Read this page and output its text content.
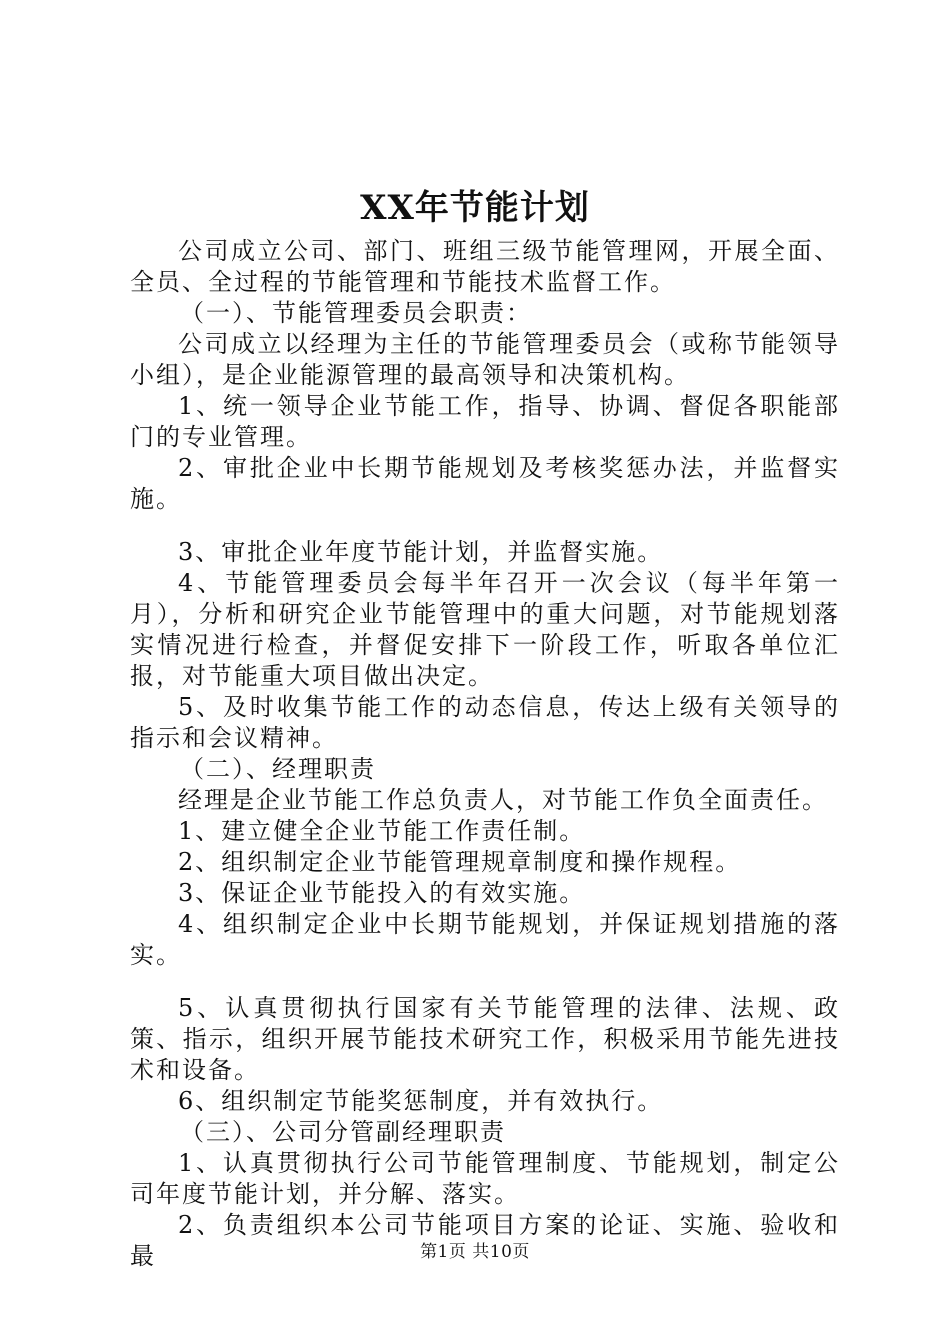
XX年节能计划

公司成立公司、部门、班组三级节能管理网，开展全面、全员、全过程的节能管理和节能技术监督工作。

（一）、节能管理委员会职责：

公司成立以经理为主任的节能管理委员会（或称节能领导小组），是企业能源管理的最高领导和决策机构。

1、统一领导企业节能工作，指导、协调、督促各职能部门的专业管理。

2、审批企业中长期节能规划及考核奖惩办法，并监督实施。

3、审批企业年度节能计划，并监督实施。

4、节能管理委员会每半年召开一次会议（每半年第一月），分析和研究企业节能管理中的重大问题，对节能规划落实情况进行检查，并督促安排下一阶段工作，听取各单位汇报，对节能重大项目做出决定。

5、及时收集节能工作的动态信息，传达上级有关领导的指示和会议精神。

（二）、经理职责

经理是企业节能工作总负责人，对节能工作负全面责任。

1、建立健全企业节能工作责任制。

2、组织制定企业节能管理规章制度和操作规程。

3、保证企业节能投入的有效实施。

4、组织制定企业中长期节能规划，并保证规划措施的落实。

5、认真贯彻执行国家有关节能管理的法律、法规、政策、指示，组织开展节能技术研究工作，积极采用节能先进技术和设备。

6、组织制定节能奖惩制度，并有效执行。

（三）、公司分管副经理职责

1、认真贯彻执行公司节能管理制度、节能规划，制定公司年度节能计划，并分解、落实。

2、负责组织本公司节能项目方案的论证、实施、验收和最	第1页 共10页
